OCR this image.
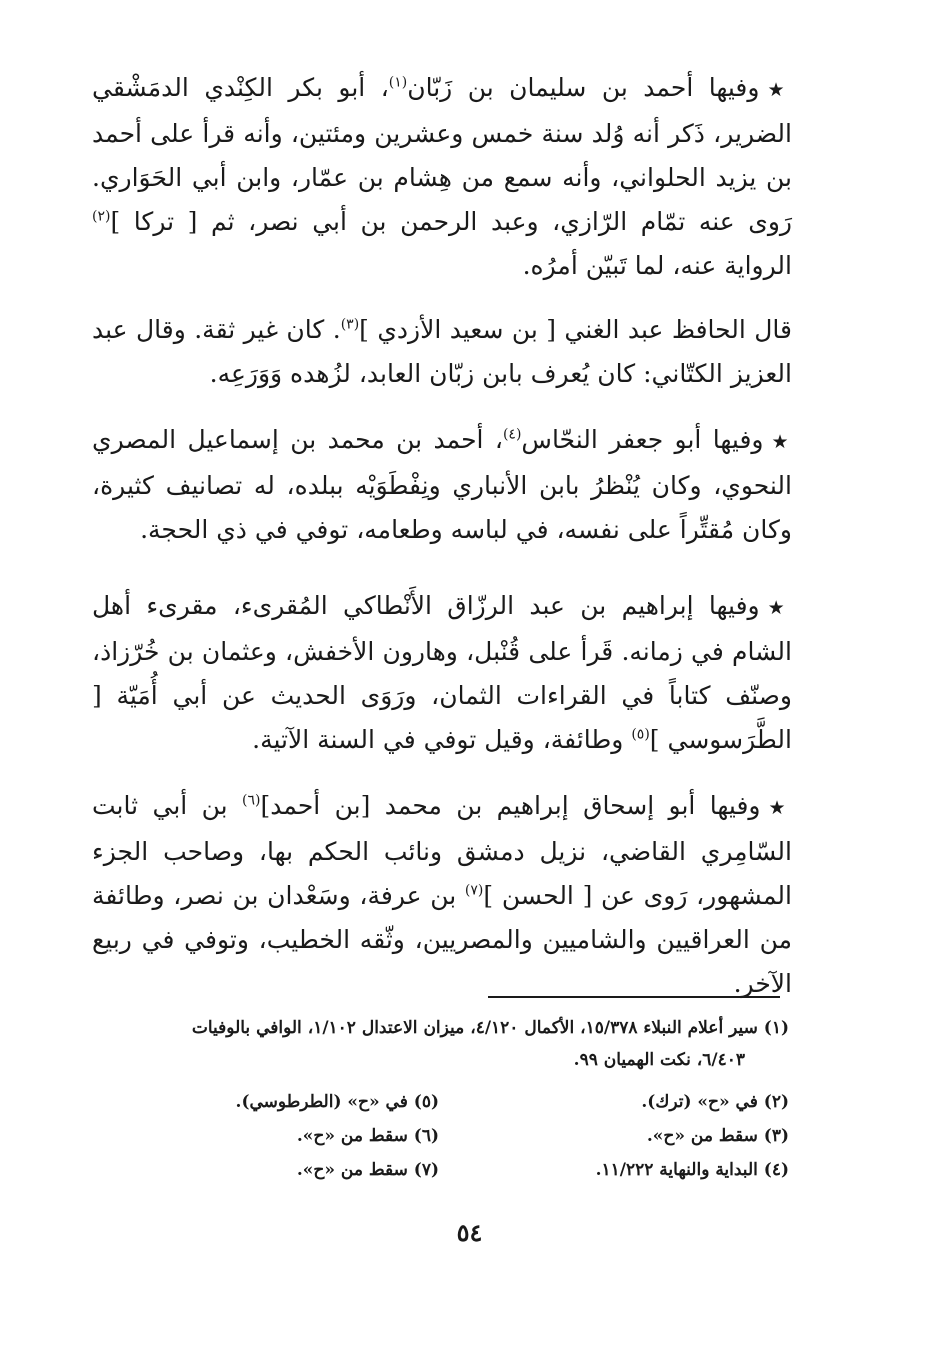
★وفيها أحمد بن سليمان بن زَبّان$^{(١)}$، أبو بكر الكِنْدي الدمَشْقي الضرير، ذَكر أنه وُلد سنة خمس وعشرين ومئتين، وأنه قرأ على أحمد بن يزيد الحلواني، وأنه سمع من هِشام بن عمّار، وابن أبي الحَوَاري. رَوى عنه تمّام الرّازي، وعبد الرحمن بن أبي نصر، ثم [ تركا ]$^{(٢)}$ الرواية عنه، لما تَبيّن أمرُه.
قال الحافظ عبد الغني [ بن سعيد الأزدي ]$^{(٣)}$. كان غير ثقة. وقال عبد العزيز الكتّاني: كان يُعرف بابن زبّان العابد، لزُهده وَوَرَعِه.
★وفيها أبو جعفر النحّاس$^{(٤)}$، أحمد بن محمد بن إسماعيل المصري النحوي، وكان يُنْظرُ بابن الأنباري ونِفْطَوَيْه ببلده، له تصانيف كثيرة، وكان مُقتِّراً على نفسه، في لباسه وطعامه، توفي في ذي الحجة.
★وفيها إبراهيم بن عبد الرزّاق الأَنْطاكي المُقرىء، مقرىء أهل الشام في زمانه. قَرأ على قُنْبل، وهارون الأخفش، وعثمان بن خُرّزاذ، وصنّف كتاباً في القراءات الثمان، ورَوَى الحديث عن أبي أُمَيّة [ الطَّرَسوسي ]$^{(٥)}$ وطائفة، وقيل توفي في السنة الآتية.
★وفيها أبو إسحاق إبراهيم بن محمد [بن أحمد]$^{(٦)}$ بن أبي ثابت السّامِري القاضي، نزيل دمشق ونائب الحكم بها، وصاحب الجزء المشهور، رَوى عن [ الحسن ]$^{(٧)}$ بن عرفة، وسَعْدان بن نصر، وطائفة من العراقيين والشاميين والمصريين، وثّقه الخطيب، وتوفي في ربيع الآخر.
(١) سير أعلام النبلاء ١٥/٣٧٨، الأكمال ٤/١٢٠، ميزان الاعتدال ١/١٠٢، الوافي بالوفيات
٦/٤٠٣، نكت الهميان ٩٩.
(٢) في «ح» (ترك).
(٥) في «ح» (الطرطوسي).
(٣) سقط من «ح».
(٦) سقط من «ح».
(٤) البداية والنهاية ١١/٢٢٢.
(٧) سقط من «ح».
٥٤
